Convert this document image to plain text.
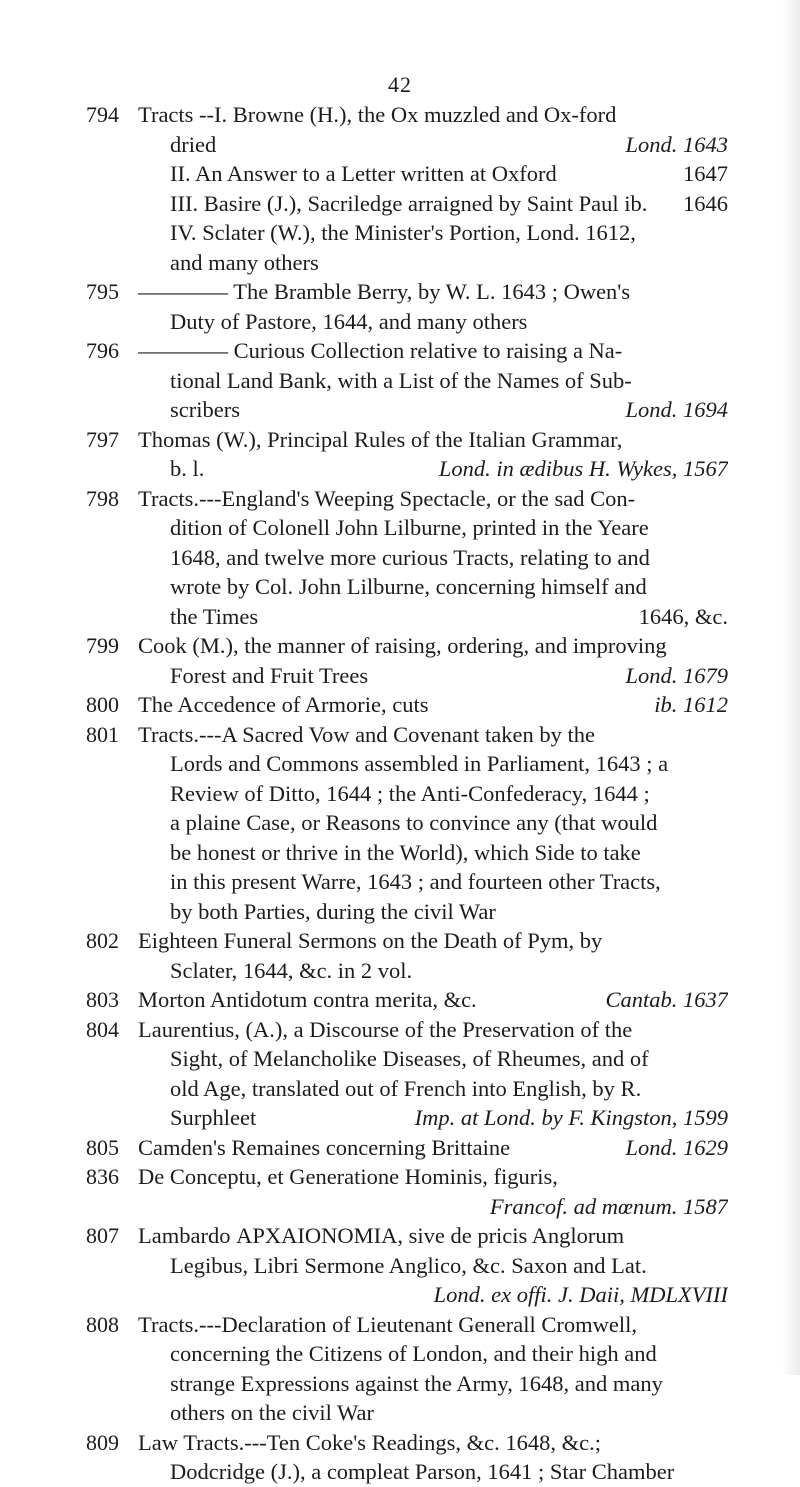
42
794 Tracts --I. Browne (H.), the Ox muzzled and Ox-ford
dried	Lond. 1643
II. An Answer to a Letter written at Oxford	1647
III. Basire (J.), Sacriledge arraigned by Saint Paul ib. 1646
IV. Sclater (W.), the Minister's Portion, Lond. 1612,
and many others
795 ———— The Bramble Berry, by W. L. 1643 ; Owen's
Duty of Pastore, 1644, and many others
796 ———— Curious Collection relative to raising a Na-
tional Land Bank, with a List of the Names of Sub-
scribers	Lond. 1694
797 Thomas (W.), Principal Rules of the Italian Grammar,
b. l.	Lond. in ædibus H. Wykes, 1567
798 Tracts.---England's Weeping Spectacle, or the sad Con-
dition of Colonell John Lilburne, printed in the Yeare
1648, and twelve more curious Tracts, relating to and
wrote by Col. John Lilburne, concerning himself and
the Times	1646, &c.
799 Cook (M.), the manner of raising, ordering, and improving
Forest and Fruit Trees	Lond. 1679
800 The Accedence of Armorie, cuts	ib. 1612
801 Tracts.---A Sacred Vow and Covenant taken by the
Lords and Commons assembled in Parliament, 1643 ; a
Review of Ditto, 1644 ; the Anti-Confederacy, 1644 ;
a plaine Case, or Reasons to convince any (that would
be honest or thrive in the World), which Side to take
in this present Warre, 1643 ; and fourteen other Tracts,
by both Parties, during the civil War
802 Eighteen Funeral Sermons on the Death of Pym, by
Sclater, 1644, &c. in 2 vol.
803 Morton Antidotum contra merita, &c.	Cantab. 1637
804 Laurentius, (A.), a Discourse of the Preservation of the
Sight, of Melancholike Diseases, of Rheumes, and of
old Age, translated out of French into English, by R.
Surphleet	Imp. at Lond. by F. Kingston, 1599
805 Camden's Remaines concerning Brittaine	Lond. 1629
836 De Conceptu, et Generatione Hominis, figuris,
Francof. ad mœnum. 1587
807 Lambardo ΑΡΧΑΙΟΝΟΜΙΑ, sive de pricis Anglorum
Legibus, Libri Sermone Anglico, &c. Saxon and Lat.
Lond. ex offi. J. Daii, MDLXVIII
808 Tracts.---Declaration of Lieutenant Generall Cromwell,
concerning the Citizens of London, and their high and
strange Expressions against the Army, 1648, and many
others on the civil War
809 Law Tracts.---Ten Coke's Readings, &c. 1648, &c.;
Dodcridge (J.), a compleat Parson, 1641 ; Star Chamber
